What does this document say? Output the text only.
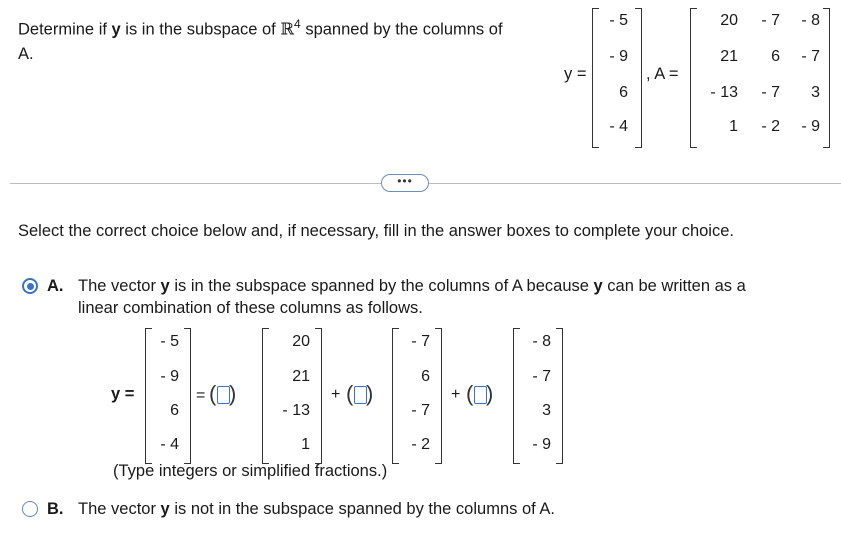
Determine if y is in the subspace of ℝ$^4$ spanned by the columns of
A.
y =
- 5
- 9
6
- 4
, A =
20 - 7 - 8
21 6 - 7
- 13 - 7 3
1 - 2 - 9
•••
Select the correct choice below and, if necessary, fill in the answer boxes to complete your choice.
A. The vector y is in the subspace spanned by the columns of A because y can be written as a
linear combination of these columns as follows.
y =
- 5
- 9
6
- 4
= ( )
20
21
- 13
1
+ ( )
- 7
6
- 7
- 2
+ ( )
- 8
- 7
3
- 9
(Type integers or simplified fractions.)
B. The vector y is not in the subspace spanned by the columns of A.
